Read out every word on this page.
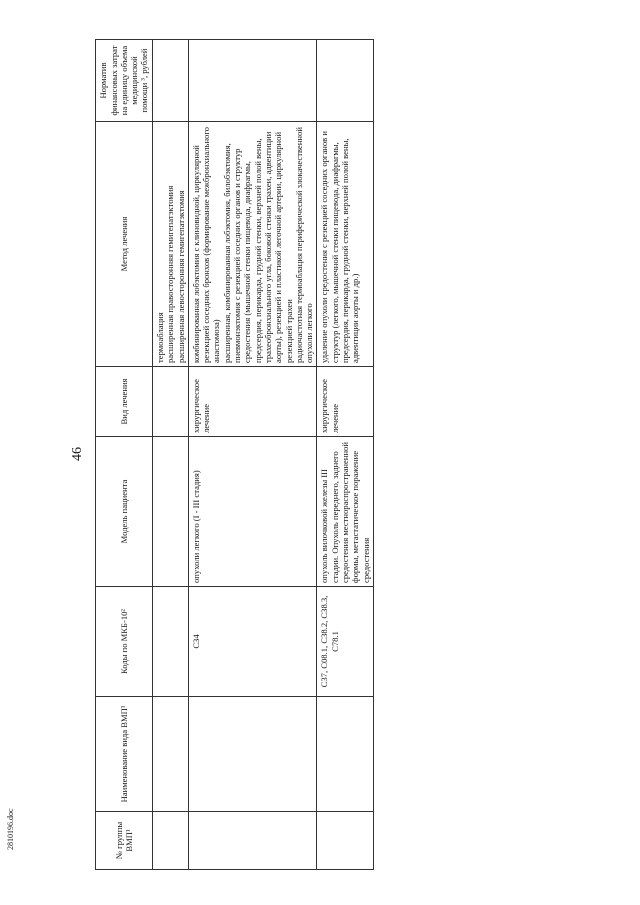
46
2810196.doc	№ группы ВМП¹	Наименование вида ВМП¹	Коды по МКБ-10²	Модель пациента	Вид лечения	Метод лечения	Норматив финансовых затрат на единицу объема медицинской помощи ³, рублей

					термоаблация расширенная правосторонняя гемигепатэктомия расширенная левосторонняя гемигепатэктомия	

		C34	опухоли легкого (I - III стадия)	хирургическое лечение	комбинированная лобэктомия с клиновидной, циркулярной резекцией соседних бронхов (формирование межбронхиального анастомоза) расширенная, комбинированная лобэктомия, билобэктомия, пневмонэктомия с резекцией соседних органов и структур средостения (мышечной стенки пищевода, диафрагмы, предсердия, перикарда, грудной стенки, верхней полой вены, трахеобронхиального угла, боковой стенки трахеи, адвентиции аорты), резекцией и пластикой легочной артерии, циркулярной резекцией трахеи радиочастотная термоаблация периферической злокачественной опухоли легкого	

		C37, C08.1, C38.2, C38.3, C78.1	опухоль вилочковой железы III стадии. Опухоль переднего, заднего средостения местнораспространенной формы, метастатическое поражение средостения	хирургическое лечение	удаление опухоли средостения с резекцией соседних органов и структур (легкого, мышечной стенки пищевода, диафрагмы, предсердия, перикарда, грудной стенки, верхней полой вены, адвентиции аорты и др.)	
